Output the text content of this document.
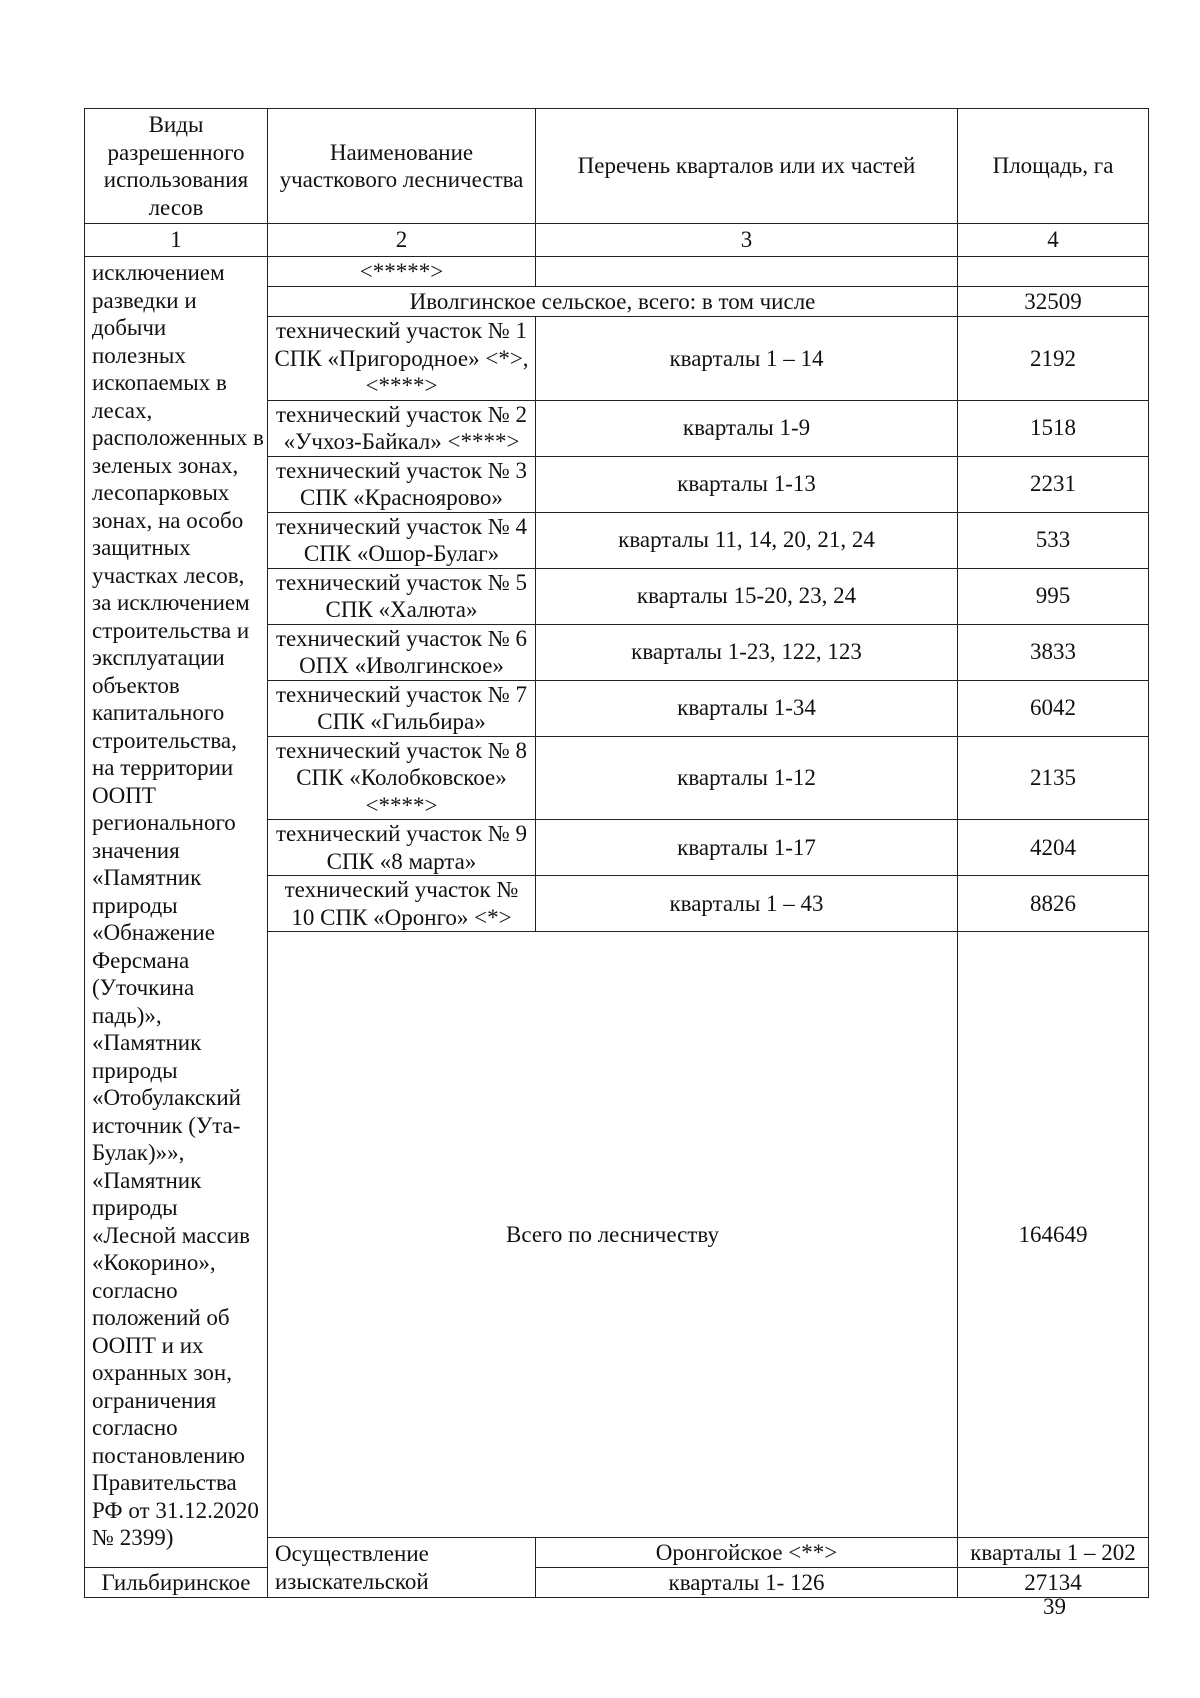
Виды разрешенного использования лесов	Наименование участкового лесничества	Перечень кварталов или их частей	Площадь, га	
1	2	3	4	
исключением разведки и добычи полезных ископаемых в лесах, расположенных в зеленых зонах, лесопарковых зонах, на особо защитных участках лесов, за исключением строительства и эксплуатации объектов капитального строительства, на территории ООПТ регионального значения «Памятник природы «Обнажение Ферсмана (Уточкина падь)», «Памятник природы «Отобулакский источник (Ута-Булак)»», «Памятник природы «Лесной массив «Кокорино», согласно положений об ООПТ и их охранных зон, ограничения согласно постановлению Правительства РФ от 31.12.2020 № 2399)	<*****>			
	Иволгинское сельское, всего: в том числе		32509	
	технический участок № 1 СПК «Пригородное» <*>, <****>	кварталы 1 – 14	2192	
	технический участок № 2 «Учхоз-Байкал» <****>	кварталы 1-9	1518	
	технический участок № 3 СПК «Краснoярово»	кварталы 1-13	2231	
	технический участок № 4 СПК «Ошор-Булаг»	кварталы 11, 14, 20, 21, 24	533	
	технический участок № 5 СПК «Халюта»	кварталы 15-20, 23, 24	995	
	технический участок № 6 ОПХ «Иволгинское»	кварталы 1-23, 122, 123	3833	
	технический участок № 7 СПК «Гильбира»	кварталы 1-34	6042	
	технический участок № 8 СПК «Колобковское» <****>	кварталы 1-12	2135	
	технический участок № 9 СПК «8 марта»	кварталы 1-17	4204	
	технический участок № 10 СПК «Оронго» <*>	кварталы 1 – 43	8826	
	Всего по лесничеству		164649	
	Осуществление изыскательской	Оронгойское <**>	кварталы 1 – 202	
Гильбиринское		кварталы 1- 126	27134	
39
